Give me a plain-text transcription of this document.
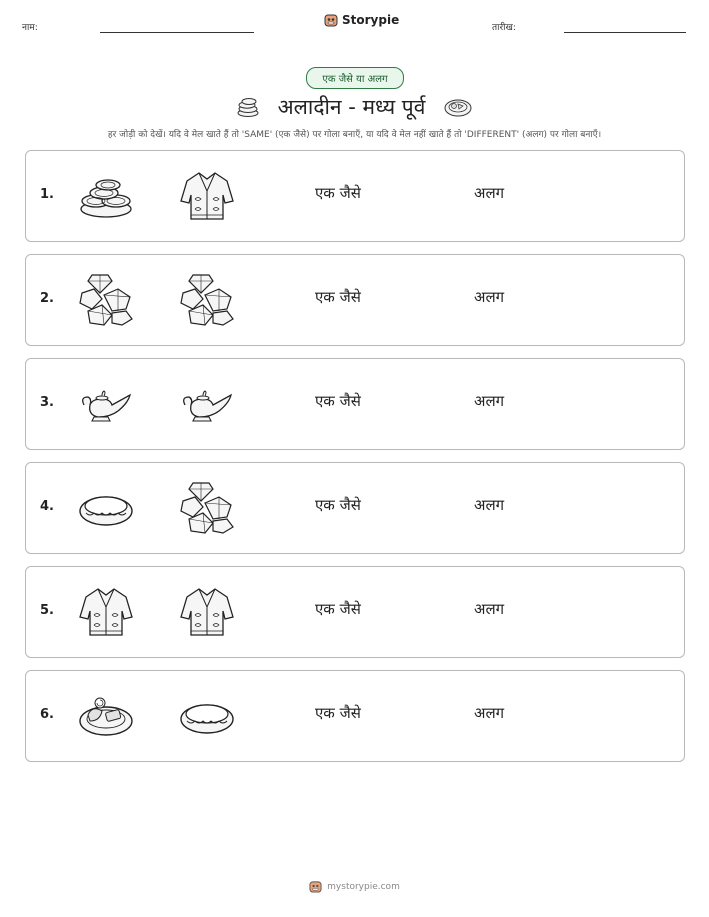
नाम:
Storypie
तारीख:
एक जैसे या अलग
अलादीन - मध्य पूर्व
हर जोड़ी को देखें। यदि वे मेल खाते हैं तो 'SAME' (एक जैसे) पर गोला बनाएँ, या यदि वे मेल नहीं खाते हैं तो 'DIFFERENT' (अलग) पर गोला बनाएँ।
1.	एक जैसे	अलग
2.	एक जैसे	अलग
3.	एक जैसे	अलग
4.	एक जैसे	अलग
5.	एक जैसे	अलग
6.	एक जैसे	अलग
mystorypie.com
